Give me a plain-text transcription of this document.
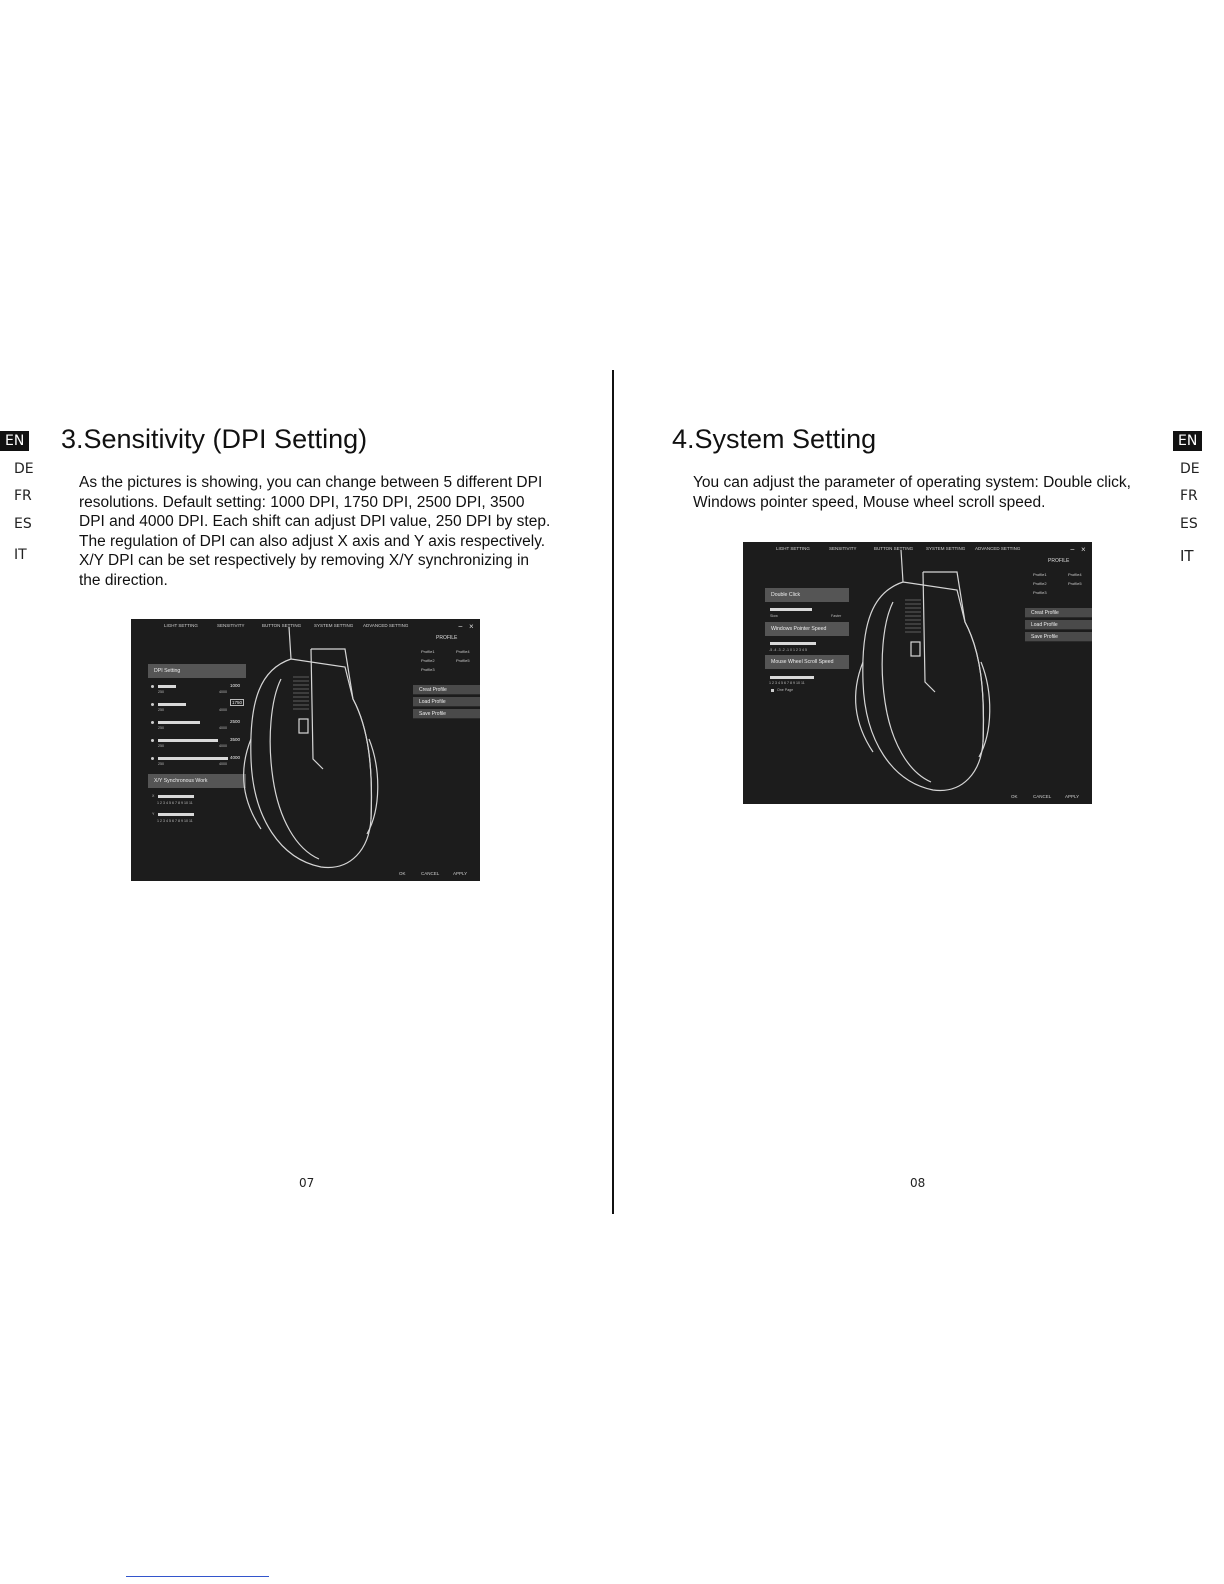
EN
DE
FR
ES
IT
EN
DE
FR
ES
IT
3.Sensitivity (DPI Setting)

As the pictures is showing, you can change between 5 different DPI resolutions. Default setting: 1000 DPI, 1750 DPI, 2500 DPI, 3500 DPI and 4000 DPI. Each shift can adjust DPI value, 250 DPI by step. The regulation of DPI can also adjust X axis and Y axis respectively. X/Y DPI can be set respectively by removing X/Y synchronizing in the direction.

LIGHT SETTING	SENSITIVITY	BUTTON SETTING	SYSTEM SETTING ADVANCED SETTING	− ×
PROFILE
Profile1
Profile2
Profile3
Profile4
Profile5
Creat Profile
Load Profile
Save Profile
DPI Setting
1000
250	4000
1750
250	4000
2500
250	4000
3500
250	4000
4000
250	4000
X/Y Synchronous Work
X
1 2 3 4 5 6 7 8 9 10 11
Y
1 2 3 4 5 6 7 8 9 10 11
OK	CANCEL	APPLY
07
4.System Setting

You can adjust the parameter of operating system: Double click, Windows pointer speed, Mouse wheel scroll speed.

LIGHT SETTING	SENSITIVITY	BUTTON SETTING	SYSTEM SETTING ADVANCED SETTING	− ×
PROFILE
Profile1
Profile2
Profile3
Profile4
Profile5
Creat Profile
Load Profile
Save Profile
Double Click
Slow	Faster
Windows Pointer Speed
-5 -4 -3 -2 -1 0 1 2 3 4 5
Mouse Wheel Scroll Speed
1 2 3 4 5 6 7 8 9 10 11
One Page
OK	CANCEL	APPLY
08
